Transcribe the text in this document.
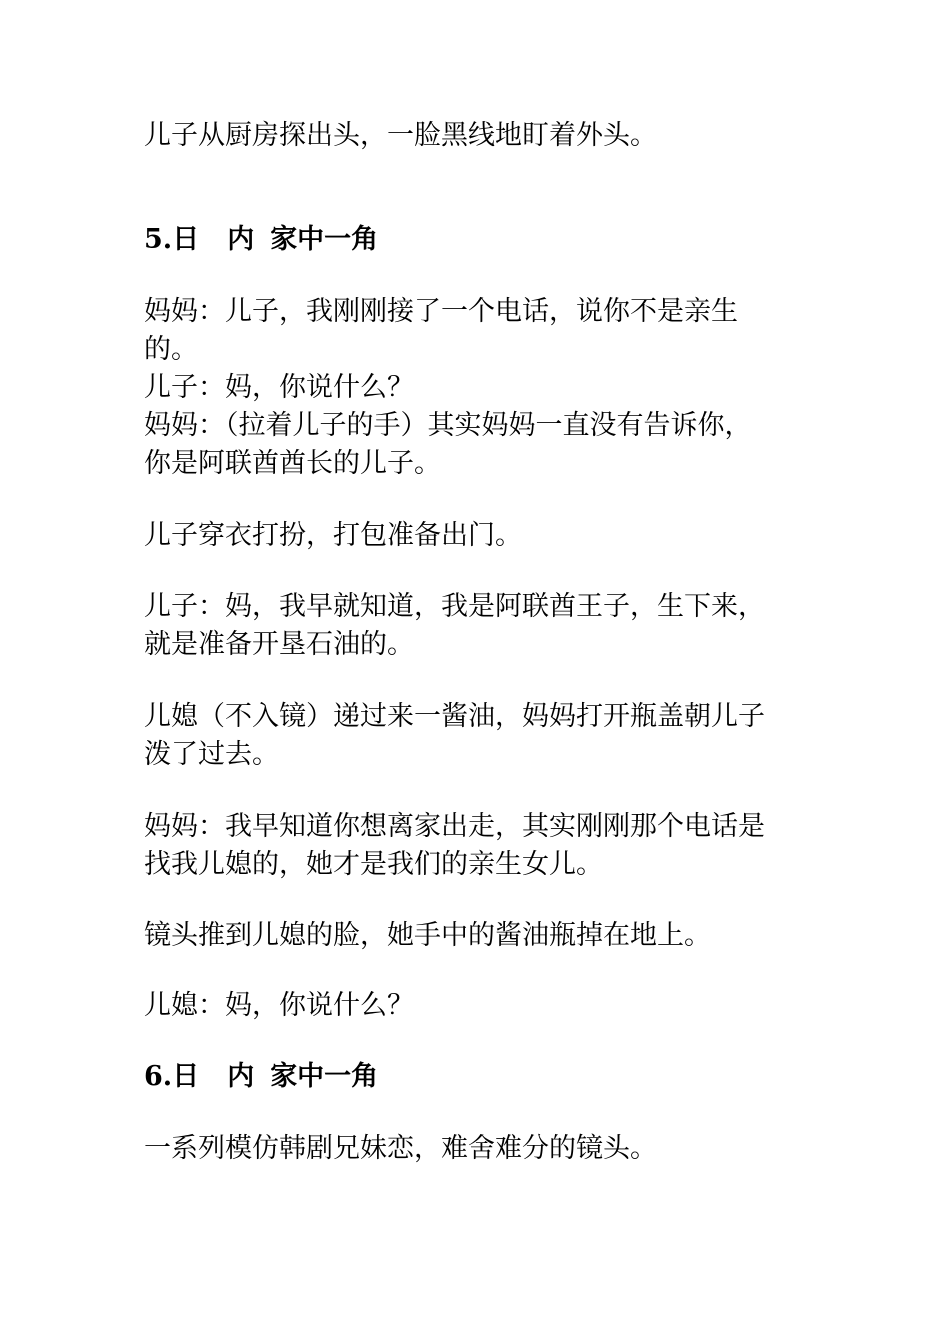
儿子从厨房探出头，一脸黑线地盯着外头。
5.日 内 家中一角
妈妈：儿子，我刚刚接了一个电话，说你不是亲生
的。
儿子：妈，你说什么？
妈妈：（拉着儿子的手）其实妈妈一直没有告诉你，
你是阿联酋酋长的儿子。
儿子穿衣打扮，打包准备出门。
儿子：妈，我早就知道，我是阿联酋王子，生下来，
就是准备开垦石油的。
儿媳（不入镜）递过来一酱油，妈妈打开瓶盖朝儿子
泼了过去。
妈妈：我早知道你想离家出走，其实刚刚那个电话是
找我儿媳的，她才是我们的亲生女儿。
镜头推到儿媳的脸，她手中的酱油瓶掉在地上。
儿媳：妈，你说什么？
6.日 内 家中一角
一系列模仿韩剧兄妹恋，难舍难分的镜头。
